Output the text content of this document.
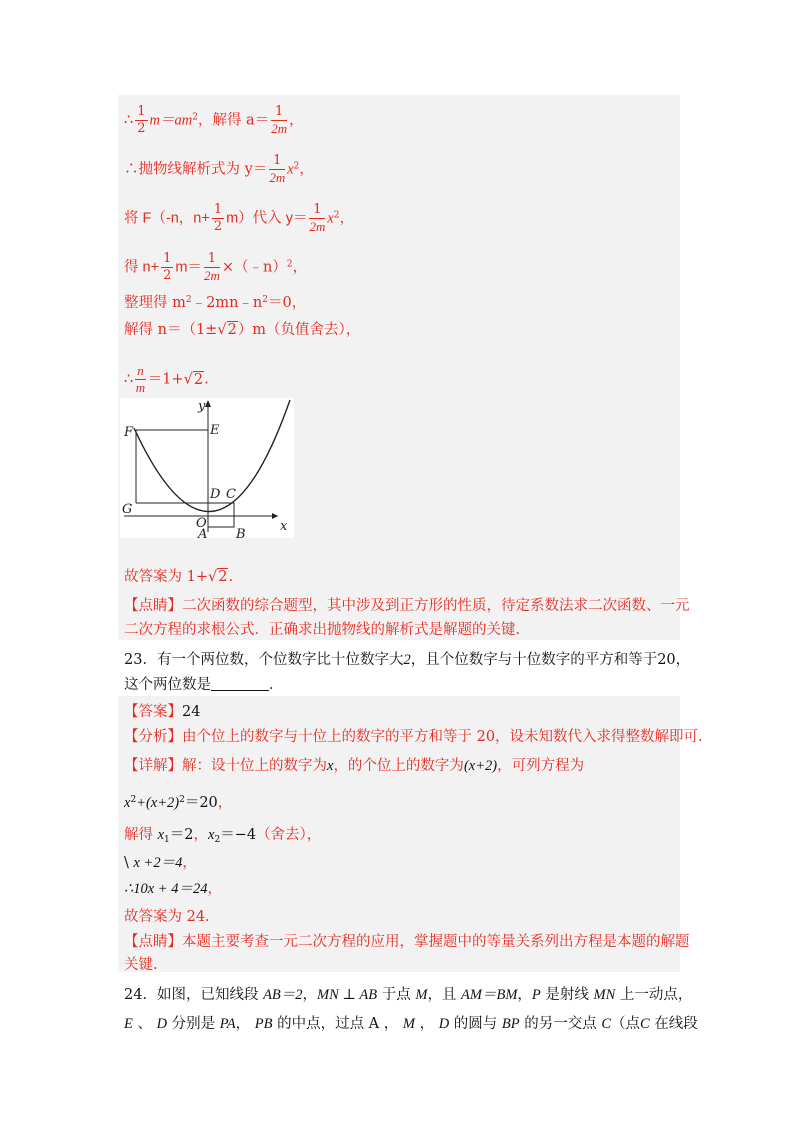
∴ $\frac{1}{2} m=am^2$，解得 $a= \frac{1}{2m}$ ，
∴抛物线解析式为 $y= \frac{1}{2m} x^2$，
将 F（-n，$n+ \frac{1}{2} m$）代入 $y= \frac{1}{2m} x^2$，
得 $n+ \frac{1}{2} m= \frac{1}{2m}$ ×（﹣n）$^2$，
整理得 $m^2﹣2mn﹣n^2=0$，
解得 n＝（1±√2）m（负值舍去），
∴ $\frac{n}{m} =1+√2$.
y
x
F	E
D C
G
O
A B
故答案为 1+√2.
【点睛】二次函数的综合题型，其中涉及到正方形的性质，待定系数法求二次函数、一元
二次方程的求根公式．正确求出抛物线的解析式是解题的关键.
23．有一个两位数，个位数字比十位数字大2，且个位数字与十位数字的平方和等于20，
这个两位数是	．
【答案】24
【分析】由个位上的数字与十位上的数字的平方和等于 20，设未知数代入求得整数解即可.
【详解】解：设十位上的数字为x，的个位上的数字为(x+2)，可列方程为
$x^2+(x+2)^2=20$，
解得 $x_1=2$，$x_2=-4$（舍去），
\ x +2＝4，
∴10x + 4＝24，
故答案为 24.
【点睛】本题主要考查一元二次方程的应用，掌握题中的等量关系列出方程是本题的解题
关键.
24．如图，已知线段 AB＝2，MN ⊥ AB 于点 M，且 AM＝BM，P 是射线 MN 上一动点，
E 、 D 分别是 PA， PB 的中点，过点 A ， M ， D 的圆与 BP 的另一交点 C（点C 在线段
